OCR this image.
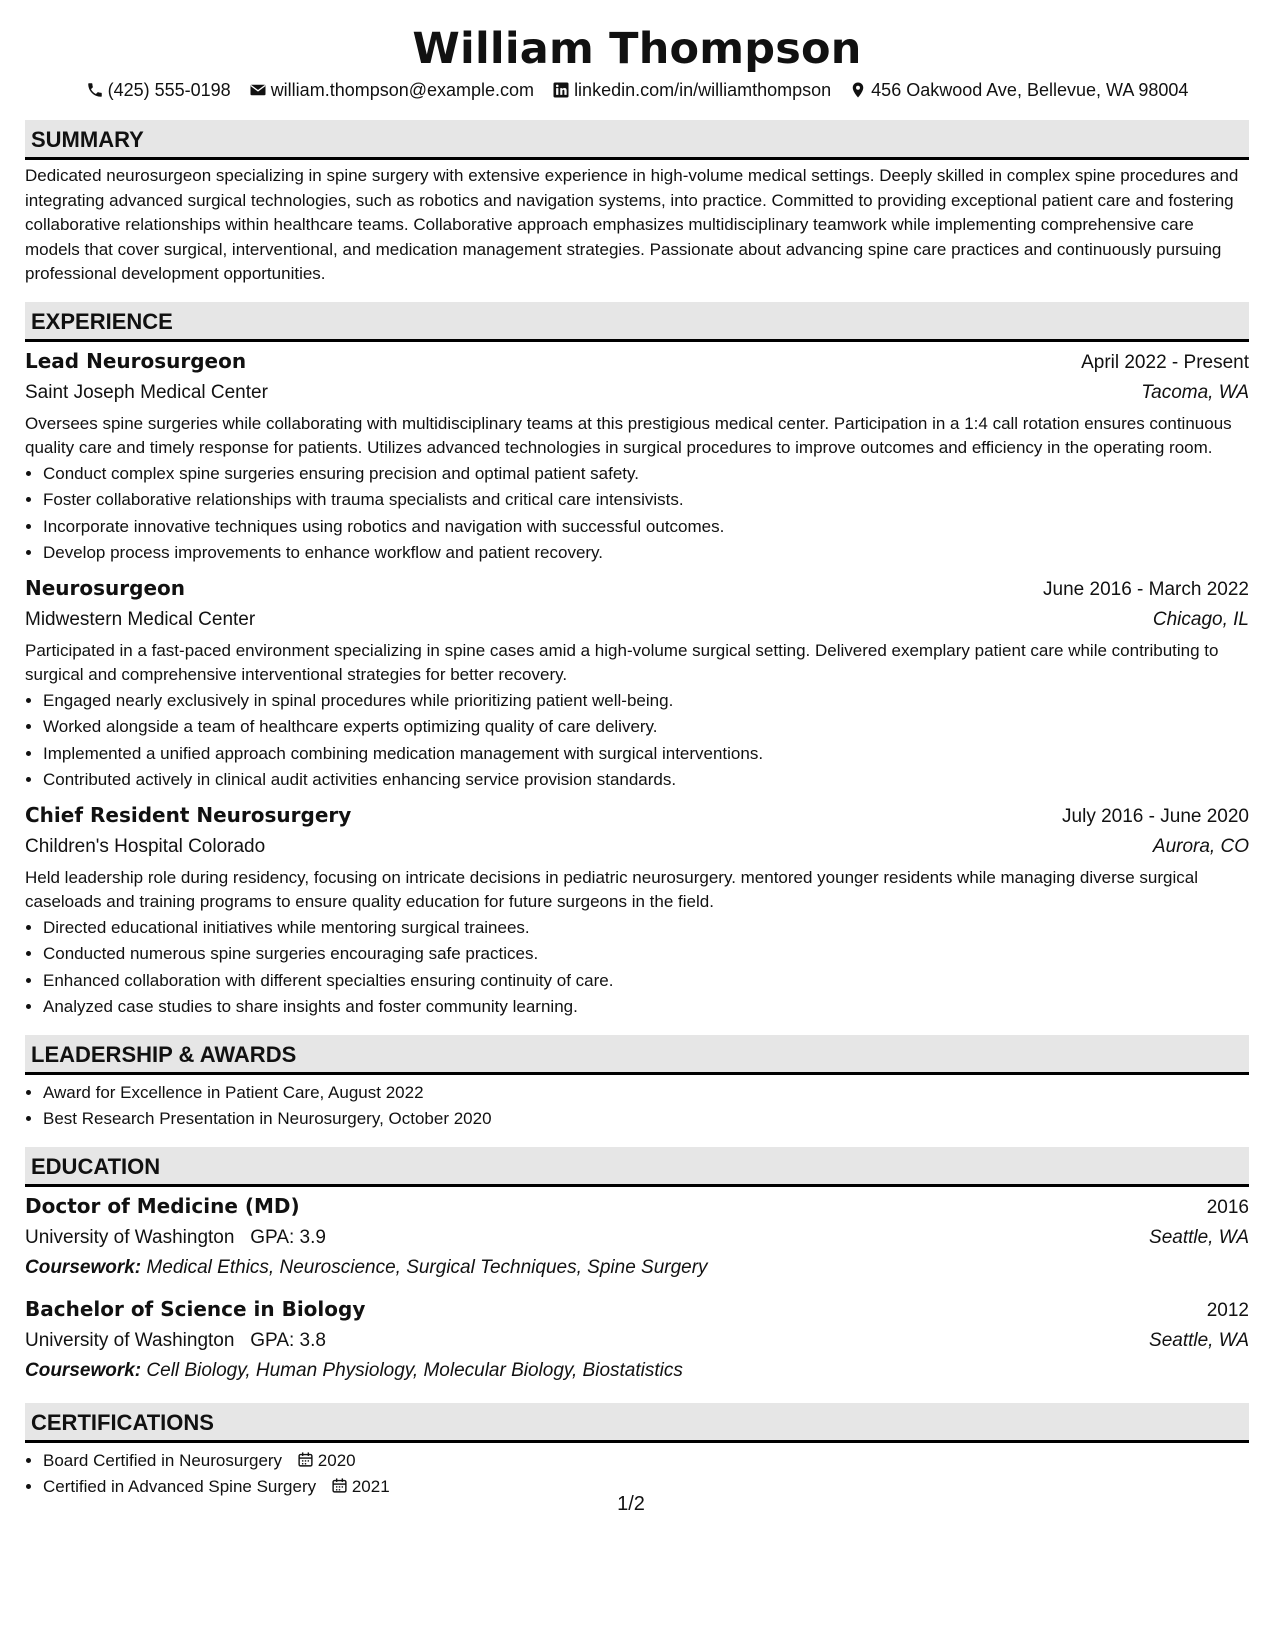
William Thompson
(425) 555-0198 william.thompson@example.com linkedin.com/in/williamthompson 456 Oakwood Ave, Bellevue, WA 98004
SUMMARY
Dedicated neurosurgeon specializing in spine surgery with extensive experience in high-volume medical settings. Deeply skilled in complex spine procedures and integrating advanced surgical technologies, such as robotics and navigation systems, into practice. Committed to providing exceptional patient care and fostering collaborative relationships within healthcare teams. Collaborative approach emphasizes multidisciplinary teamwork while implementing comprehensive care models that cover surgical, interventional, and medication management strategies. Passionate about advancing spine care practices and continuously pursuing professional development opportunities.
EXPERIENCE
Lead Neurosurgeon	April 2022 - Present
Saint Joseph Medical Center	Tacoma, WA
Oversees spine surgeries while collaborating with multidisciplinary teams at this prestigious medical center. Participation in a 1:4 call rotation ensures continuous quality care and timely response for patients. Utilizes advanced technologies in surgical procedures to improve outcomes and efficiency in the operating room.
• Conduct complex spine surgeries ensuring precision and optimal patient safety.
• Foster collaborative relationships with trauma specialists and critical care intensivists.
• Incorporate innovative techniques using robotics and navigation with successful outcomes.
• Develop process improvements to enhance workflow and patient recovery.
Neurosurgeon	June 2016 - March 2022
Midwestern Medical Center	Chicago, IL
Participated in a fast-paced environment specializing in spine cases amid a high-volume surgical setting. Delivered exemplary patient care while contributing to surgical and comprehensive interventional strategies for better recovery.
• Engaged nearly exclusively in spinal procedures while prioritizing patient well-being.
• Worked alongside a team of healthcare experts optimizing quality of care delivery.
• Implemented a unified approach combining medication management with surgical interventions.
• Contributed actively in clinical audit activities enhancing service provision standards.
Chief Resident Neurosurgery	July 2016 - June 2020
Children's Hospital Colorado	Aurora, CO
Held leadership role during residency, focusing on intricate decisions in pediatric neurosurgery. mentored younger residents while managing diverse surgical caseloads and training programs to ensure quality education for future surgeons in the field.
• Directed educational initiatives while mentoring surgical trainees.
• Conducted numerous spine surgeries encouraging safe practices.
• Enhanced collaboration with different specialties ensuring continuity of care.
• Analyzed case studies to share insights and foster community learning.
LEADERSHIP & AWARDS
• Award for Excellence in Patient Care, August 2022
• Best Research Presentation in Neurosurgery, October 2020
EDUCATION
Doctor of Medicine (MD)	2016
University of Washington GPA: 3.9	Seattle, WA
Coursework: Medical Ethics, Neuroscience, Surgical Techniques, Spine Surgery
Bachelor of Science in Biology	2012
University of Washington GPA: 3.8	Seattle, WA
Coursework: Cell Biology, Human Physiology, Molecular Biology, Biostatistics
CERTIFICATIONS
• Board Certified in Neurosurgery 2020
• Certified in Advanced Spine Surgery 2021
1/2
